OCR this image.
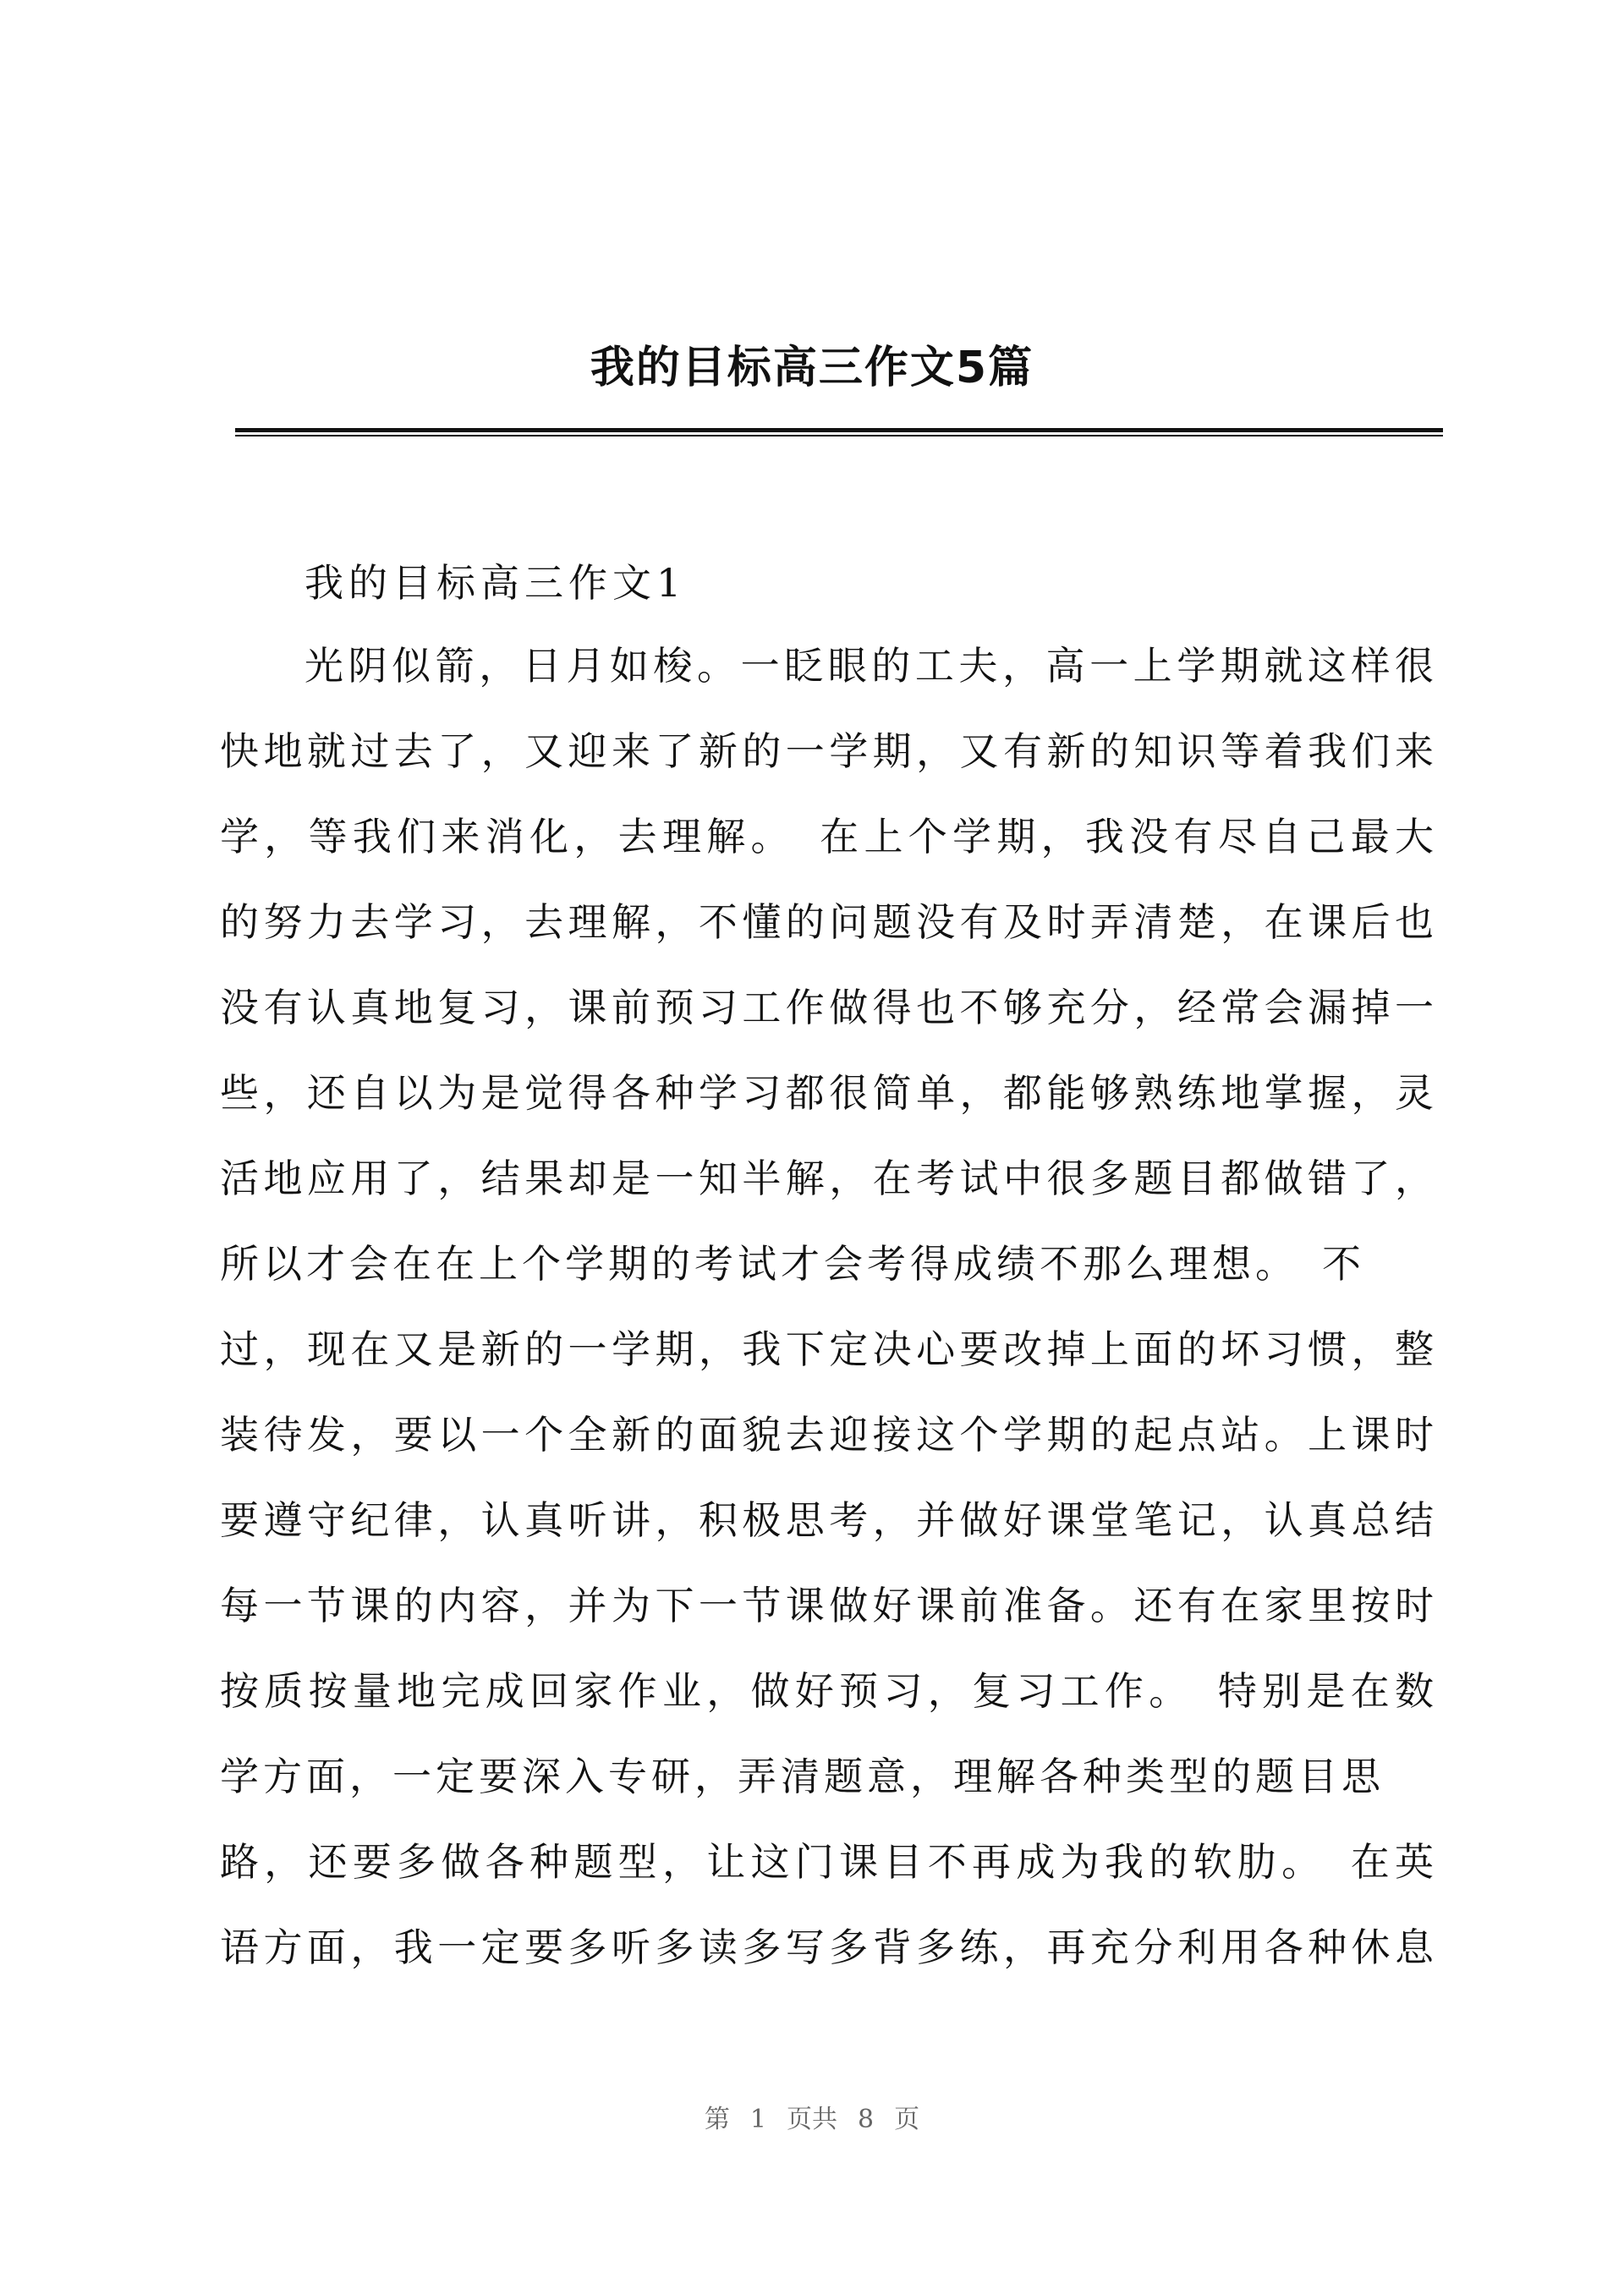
我的目标高三作文5篇
我的目标高三作文1
光阴似箭，日月如梭。一眨眼的工夫，高一上学期就这样很
快地就过去了，又迎来了新的一学期，又有新的知识等着我们来
学，等我们来消化，去理解。　在上个学期，我没有尽自己最大
的努力去学习，去理解，不懂的问题没有及时弄清楚，在课后也
没有认真地复习，课前预习工作做得也不够充分，经常会漏掉一
些，还自以为是觉得各种学习都很简单，都能够熟练地掌握，灵
活地应用了，结果却是一知半解，在考试中很多题目都做错了，
所以才会在在上个学期的考试才会考得成绩不那么理想。　不
过，现在又是新的一学期，我下定决心要改掉上面的坏习惯，整
装待发，要以一个全新的面貌去迎接这个学期的起点站。上课时
要遵守纪律，认真听讲，积极思考，并做好课堂笔记，认真总结
每一节课的内容，并为下一节课做好课前准备。还有在家里按时
按质按量地完成回家作业，做好预习，复习工作。　特别是在数
学方面，一定要深入专研，弄清题意，理解各种类型的题目思
路，还要多做各种题型，让这门课目不再成为我的软肋。　在英
语方面，我一定要多听多读多写多背多练，再充分利用各种休息
第 1 页共 8 页
